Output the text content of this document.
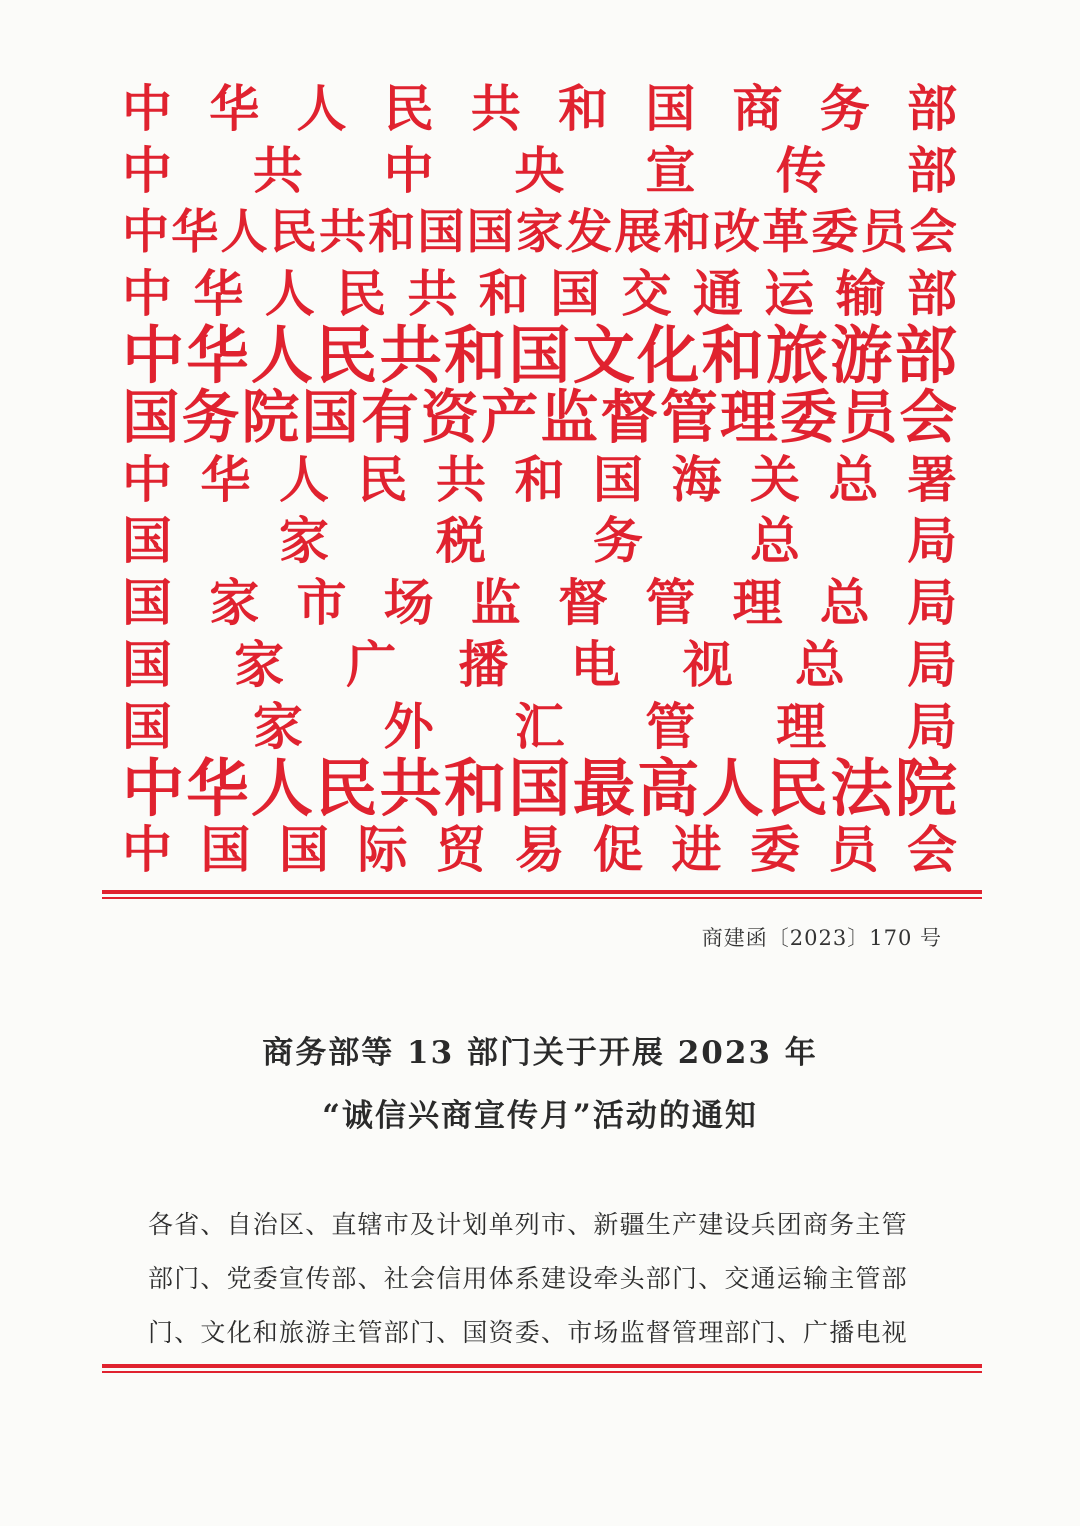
中 华 人 民 共 和 国 商 务 部
中 共 中 央 宣 传 部
中 华 人 民 共 和 国 国 家 发 展 和 改 革 委 员 会
中 华 人 民 共 和 国 交 通 运 输 部
中 华 人 民 共 和 国 文 化 和 旅 游 部
国 务 院 国 有 资 产 监 督 管 理 委 员 会
中 华 人 民 共 和 国 海 关 总 署
国 家 税 务 总 局
国 家 市 场 监 督 管 理 总 局
国 家 广 播 电 视 总 局
国 家 外 汇 管 理 局
中 华 人 民 共 和 国 最 高 人 民 法 院
中 国 国 际 贸 易 促 进 委 员 会
商建函〔2023〕170 号
商务部等 13 部门关于开展 2023 年
“诚信兴商宣传月”活动的通知
各省、自治区、直辖市及计划单列市、新疆生产建设兵团商务主管
部门、党委宣传部、社会信用体系建设牵头部门、交通运输主管部
门、文化和旅游主管部门、国资委、市场监督管理部门、广播电视
